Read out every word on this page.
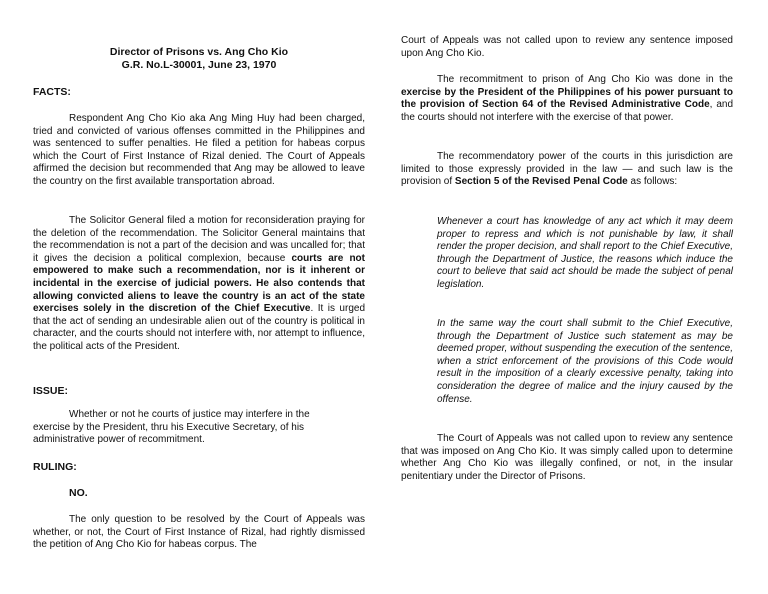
Director of Prisons vs. Ang Cho Kio
G.R. No.L-30001, June 23, 1970
FACTS:

Respondent Ang Cho Kio aka Ang Ming Huy had been charged, tried and convicted of various offenses committed in the Philippines and was sentenced to suffer penalties. He filed a petition for habeas corpus which the Court of First Instance of Rizal denied. The Court of Appeals affirmed the decision but recommended that Ang may be allowed to leave the country on the first available transportation abroad.

The Solicitor General filed a motion for reconsideration praying for the deletion of the recommendation. The Solicitor General maintains that the recommendation is not a part of the decision and was uncalled for; that it gives the decision a political complexion, because courts are not empowered to make such a recommendation, nor is it inherent or incidental in the exercise of judicial powers. He also contends that allowing convicted aliens to leave the country is an act of the state exercises solely in the discretion of the Chief Executive. It is urged that the act of sending an undesirable alien out of the country is political in character, and the courts should not interfere with, nor attempt to influence, the political acts of the President.

ISSUE:

Whether or not he courts of justice may interfere in the exercise by the President, thru his Executive Secretary, of his administrative power of recommitment.

RULING:
NO.

The only question to be resolved by the Court of Appeals was whether, or not, the Court of First Instance of Rizal, had rightly dismissed the petition of Ang Cho Kio for habeas corpus. The

Court of Appeals was not called upon to review any sentence imposed upon Ang Cho Kio.

The recommitment to prison of Ang Cho Kio was done in the exercise by the President of the Philippines of his power pursuant to the provision of Section 64 of the Revised Administrative Code, and the courts should not interfere with the exercise of that power.

The recommendatory power of the courts in this jurisdiction are limited to those expressly provided in the law — and such law is the provision of Section 5 of the Revised Penal Code as follows:

Whenever a court has knowledge of any act which it may deem proper to repress and which is not punishable by law, it shall render the proper decision, and shall report to the Chief Executive, through the Department of Justice, the reasons which induce the court to believe that said act should be made the subject of penal legislation.

In the same way the court shall submit to the Chief Executive, through the Department of Justice such statement as may be deemed proper, without suspending the execution of the sentence, when a strict enforcement of the provisions of this Code would result in the imposition of a clearly excessive penalty, taking into consideration the degree of malice and the injury caused by the offense.

The Court of Appeals was not called upon to review any sentence that was imposed on Ang Cho Kio. It was simply called upon to determine whether Ang Cho Kio was illegally confined, or not, in the insular penitentiary under the Director of Prisons.
